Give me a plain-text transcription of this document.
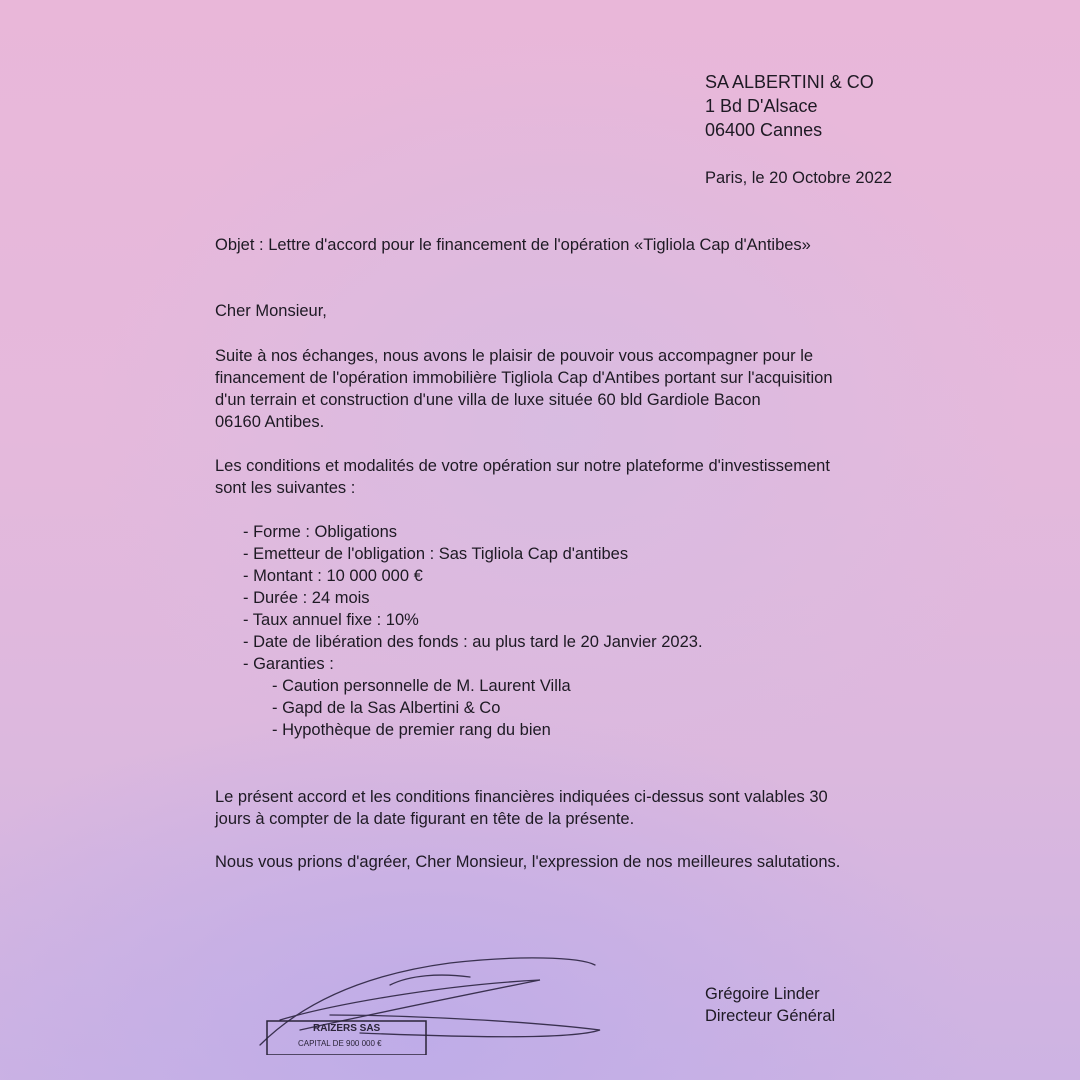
SA ALBERTINI & CO
1 Bd D'Alsace
06400 Cannes
Paris, le 20 Octobre 2022
Objet : Lettre d'accord pour le financement de l'opération «Tigliola Cap d'Antibes»
Cher Monsieur,
Suite à nos échanges, nous avons le plaisir de pouvoir vous accompagner pour le
financement de l'opération immobilière Tigliola Cap d'Antibes portant sur l'acquisition
d'un terrain et construction d'une villa de luxe située 60 bld Gardiole Bacon
06160 Antibes.
Les conditions et modalités de votre opération sur notre plateforme d'investissement
sont les suivantes :
- Forme : Obligations
- Emetteur de l'obligation : Sas Tigliola Cap d'antibes
- Montant : 10 000 000 €
- Durée : 24 mois
- Taux annuel fixe : 10%
- Date de libération des fonds : au plus tard le 20 Janvier 2023.
- Garanties :
- Caution personnelle de M. Laurent Villa
- Gapd de la Sas Albertini & Co
- Hypothèque de premier rang du bien
Le présent accord et les conditions financières indiquées ci-dessus sont valables 30
jours à compter de la date figurant en tête de la présente.
Nous vous prions d'agréer, Cher Monsieur, l'expression de nos meilleures salutations.
RAIZERS SAS
CAPITAL DE 900 000 €
Grégoire Linder
Directeur Général
